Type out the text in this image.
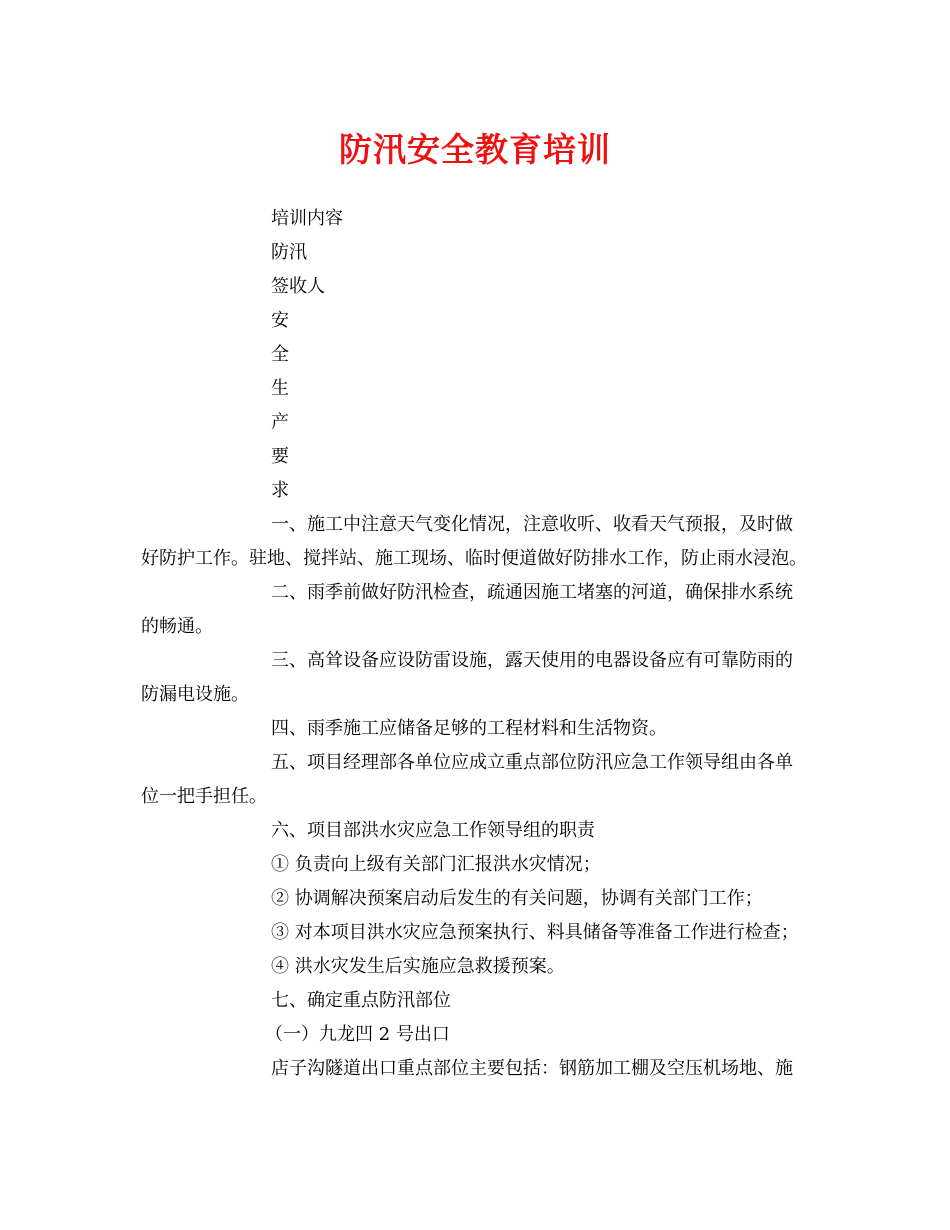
防汛安全教育培训
培训内容
防汛
签收人
安
全
生
产
要
求
一、施工中注意天气变化情况，注意收听、收看天气预报，及时做
好防护工作。驻地、搅拌站、施工现场、临时便道做好防排水工作，防止雨水浸泡。
二、雨季前做好防汛检查，疏通因施工堵塞的河道，确保排水系统
的畅通。
三、高耸设备应设防雷设施，露天使用的电器设备应有可靠防雨的
防漏电设施。
四、雨季施工应储备足够的工程材料和生活物资。
五、项目经理部各单位应成立重点部位防汛应急工作领导组由各单
位一把手担任。
六、项目部洪水灾应急工作领导组的职责
① 负责向上级有关部门汇报洪水灾情况；
② 协调解决预案启动后发生的有关问题，协调有关部门工作；
③ 对本项目洪水灾应急预案执行、料具储备等准备工作进行检查；
④ 洪水灾发生后实施应急救援预案。
七、确定重点防汛部位
（一）九龙凹 2 号出口
店子沟隧道出口重点部位主要包括：钢筋加工棚及空压机场地、施
